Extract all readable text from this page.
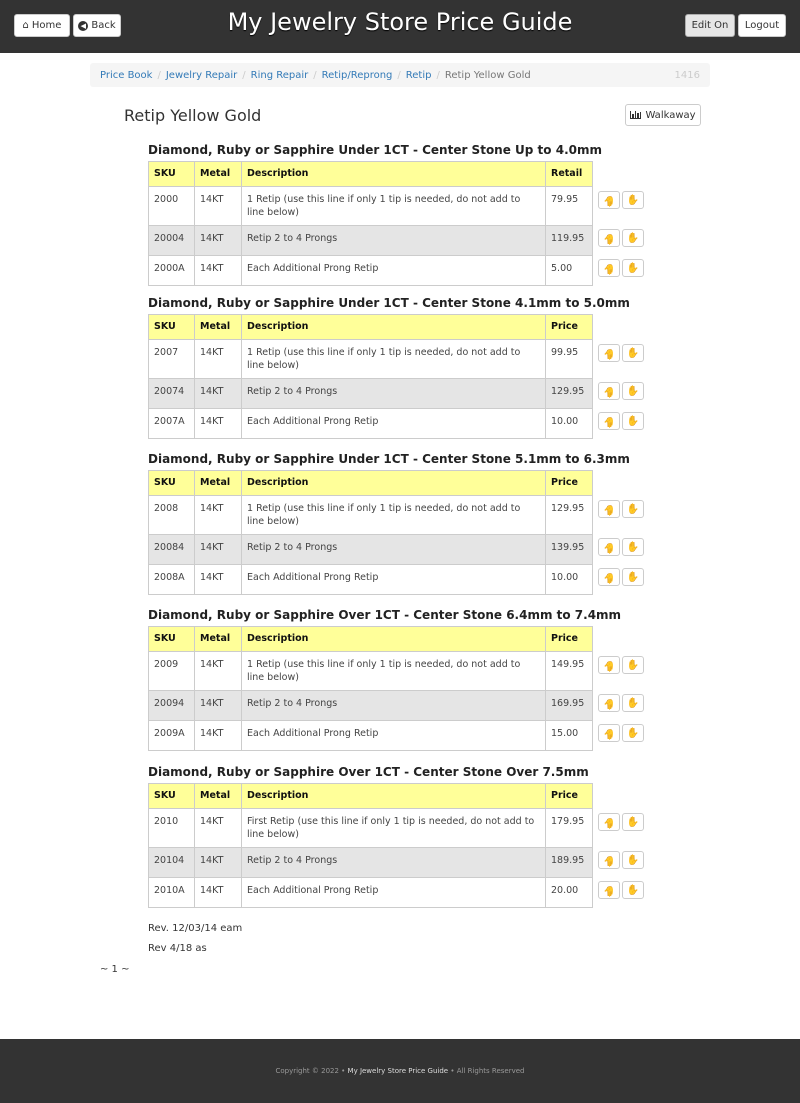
⌂ Home	◀ Back	My Jewelry Store Price Guide	Edit On Logout
Price Book / Jewelry Repair / Ring Repair / Retip/Reprong / Retip / Retip Yellow Gold	1416
Retip Yellow Gold	Walkaway
Diamond, Ruby or Sapphire Under 1CT - Center Stone Up to 4.0mm
SKU	Metal	Description	Retail
2000	14KT	1 Retip (use this line if only 1 tip is needed, do not add to line below)	79.95
20004	14KT	Retip 2 to 4 Prongs	119.95
2000A	14KT	Each Additional Prong Retip	5.00
✋ ✋
✋ ✋
✋ ✋
Diamond, Ruby or Sapphire Under 1CT - Center Stone 4.1mm to 5.0mm
SKU	Metal	Description	Price
2007	14KT	1 Retip (use this line if only 1 tip is needed, do not add to line below)	99.95
20074	14KT	Retip 2 to 4 Prongs	129.95
2007A	14KT	Each Additional Prong Retip	10.00
✋ ✋
✋ ✋
✋ ✋
Diamond, Ruby or Sapphire Under 1CT - Center Stone 5.1mm to 6.3mm
SKU	Metal	Description	Price
2008	14KT	1 Retip (use this line if only 1 tip is needed, do not add to line below)	129.95
20084	14KT	Retip 2 to 4 Prongs	139.95
2008A	14KT	Each Additional Prong Retip	10.00
✋ ✋
✋ ✋
✋ ✋
Diamond, Ruby or Sapphire Over 1CT - Center Stone 6.4mm to 7.4mm
SKU	Metal	Description	Price
2009	14KT	1 Retip (use this line if only 1 tip is needed, do not add to line below)	149.95
20094	14KT	Retip 2 to 4 Prongs	169.95
2009A	14KT	Each Additional Prong Retip	15.00
✋ ✋
✋ ✋
✋ ✋
Diamond, Ruby or Sapphire Over 1CT - Center Stone Over 7.5mm
SKU	Metal	Description	Price
2010	14KT	First Retip (use this line if only 1 tip is needed, do not add to line below)	179.95
20104	14KT	Retip 2 to 4 Prongs	189.95
2010A	14KT	Each Additional Prong Retip	20.00
✋ ✋
✋ ✋
✋ ✋
Rev. 12/03/14 eam
Rev 4/18 as
~ 1 ~
Copyright © 2022 •
My Jewelry Store Price Guide
• All Rights Reserved
